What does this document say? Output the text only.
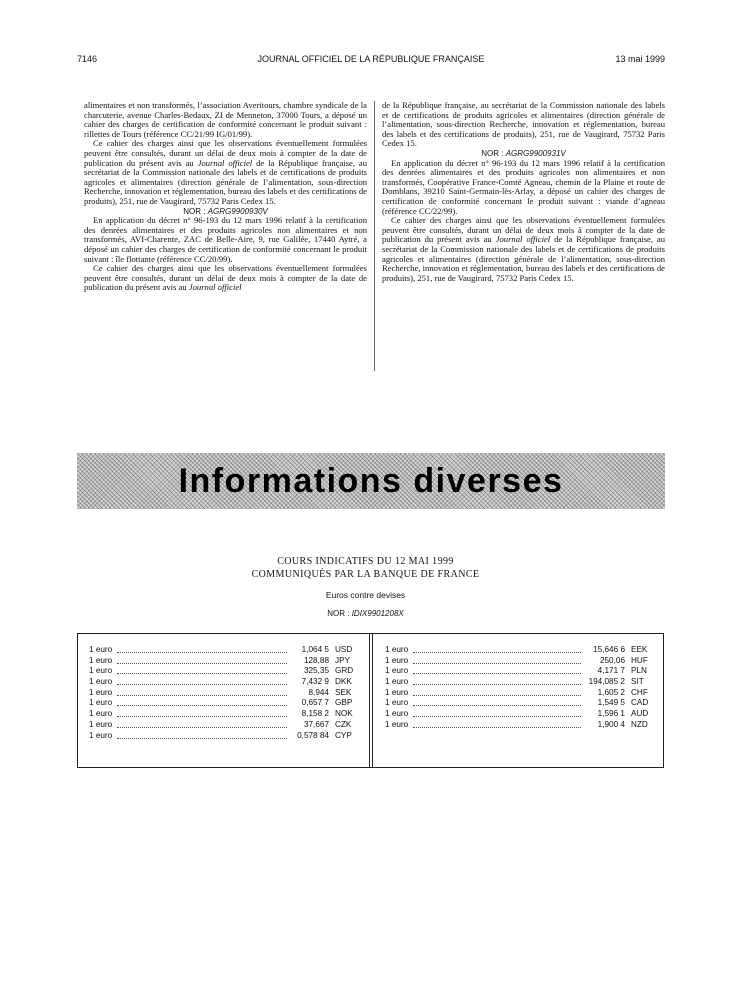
7146	JOURNAL OFFICIEL DE LA RÉPUBLIQUE FRANÇAISE	13 mai 1999

alimentaires et non transformés, l’association Averitours, chambre syndicale de la charcuterie, avenue Charles-Bedaux, ZI de Menneton, 37000 Tours, a déposé un cahier des charges de certification de conformité concernant le produit suivant : rillettes de Tours (référence CC/21/99 IG/01/99).

Ce cahier des charges ainsi que les observations éventuellement formulées peuvent être consultés, durant un délai de deux mois à compter de la date de publication du présent avis au Journal officiel de la République française, au secrétariat de la Commission nationale des labels et de certifications de produits agricoles et alimentaires (direction générale de l’alimentation, sous-direction Recherche, innovation et réglementation, bureau des labels et des certifications de produits), 251, rue de Vaugirard, 75732 Paris Cedex 15.

NOR : AGRG9900930V

En application du décret n° 96-193 du 12 mars 1996 relatif à la certification des denrées alimentaires et des produits agricoles non alimentaires et non transformés, AVI-Charente, ZAC de Belle-Aire, 9, rue Galilée, 17440 Aytré, a déposé un cahier des charges de certification de conformité concernant le produit suivant : île flottante (référence CC/20/99).

Ce cahier des charges ainsi que les observations éventuellement formulées peuvent être consultés, durant un délai de deux mois à compter de la date de publication du présent avis au Journal officiel

de la République française, au secrétariat de la Commission nationale des labels et de certifications de produits agricoles et alimentaires (direction générale de l’alimentation, sous-direction Recherche, innovation et réglementation, bureau des labels et des certifications de produits), 251, rue de Vaugirard, 75732 Paris Cedex 15.

NOR : AGRG9900931V

En application du décret n° 96-193 du 12 mars 1996 relatif à la certification des denrées alimentaires et des produits agricoles non alimentaires et non transformés, Coopérative France-Comté Agneau, chemin de la Plaine et route de Domblans, 39210 Saint-Germain-lès-Arlay, a déposé un cahier des charges de certification de conformité concernant le produit suivant : viande d’agneau (référence CC/22/99).

Ce cahier des charges ainsi que les observations éventuellement formulées peuvent être consultés, durant un délai de deux mois à compter de la date de publication du présent avis au Journal officiel de la République française, au secrétariat de la Commission nationale des labels et de certifications de produits agricoles et alimentaires (direction générale de l’alimentation, sous-direction Recherche, innovation et réglementation, bureau des labels et des certifications de produits), 251, rue de Vaugirard, 75732 Paris Cedex 15.

Informations diverses
COURS INDICATIFS DU 12 MAI 1999
COMMUNIQUÉS PAR LA BANQUE DE FRANCE
Euros contre devises
NOR : IDIX9901208X
1 euro	1,064 5 USD
1 euro	128,88 JPY
1 euro	325,35 GRD
1 euro	7,432 9 DKK
1 euro	8,944 SEK
1 euro	0,657 7 GBP
1 euro	8,158 2 NOK
1 euro	37,667 CZK
1 euro	0,578 84 CYP
1 euro	15,646 6 EEK
1 euro	250,06 HUF
1 euro	4,171 7 PLN
1 euro	194,085 2 SIT
1 euro	1,605 2 CHF
1 euro	1,549 5 CAD
1 euro	1,596 1 AUD
1 euro	1,900 4 NZD
